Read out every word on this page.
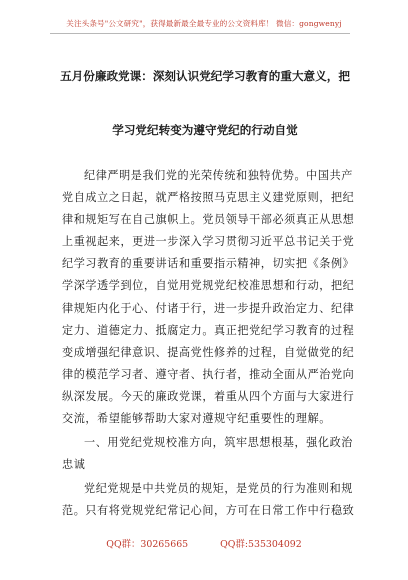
关注头条号"公文研究"，获得最新最全最专业的公文资料库！ 微信：gongwenyj
五月份廉政党课：深刻认识党纪学习教育的重大意义，把
学习党纪转变为遵守党纪的行动自觉
纪律严明是我们党的光荣传统和独特优势。中国共产
党自成立之日起，就严格按照马克思主义建党原则，把纪
律和规矩写在自己旗帜上。党员领导干部必须真正从思想
上重视起来，更进一步深入学习贯彻习近平总书记关于党
纪学习教育的重要讲话和重要指示精神，切实把《条例》
学深学透学到位，自觉用党规党纪校准思想和行动，把纪
律规矩内化于心、付诸于行，进一步提升政治定力、纪律
定力、道德定力、抵腐定力。真正把党纪学习教育的过程
变成增强纪律意识、提高党性修养的过程，自觉做党的纪
律的模范学习者、遵守者、执行者，推动全面从严治党向
纵深发展。今天的廉政党课，着重从四个方面与大家进行
交流，希望能够帮助大家对遵规守纪重要性的理解。
一、用党纪党规校准方向，筑牢思想根基，强化政治
忠诚
党纪党规是中共党员的规矩，是党员的行为准则和规
范。只有将党规党纪常记心间，方可在日常工作中行稳致
QQ群：30265665	QQ群:535304092
